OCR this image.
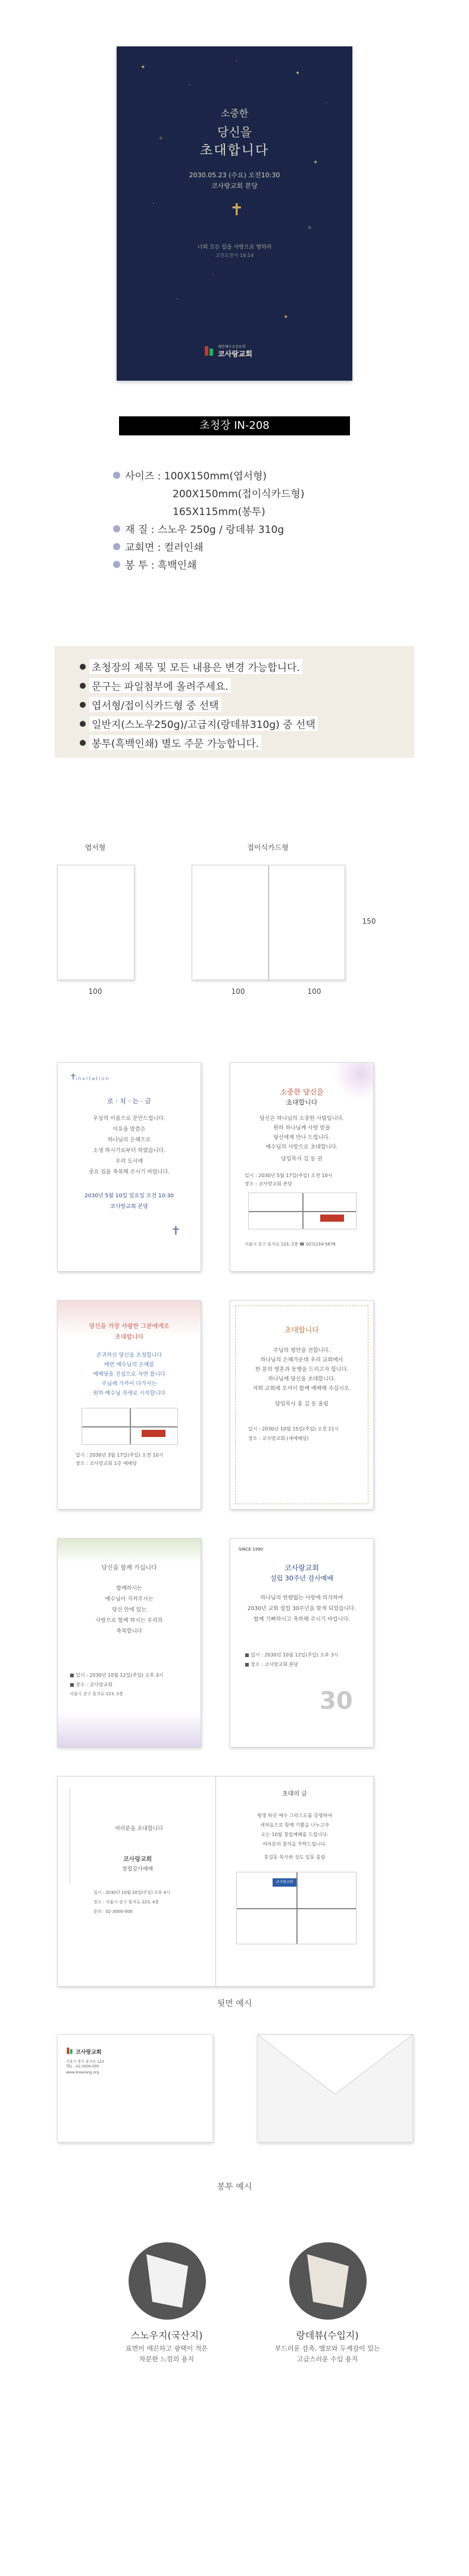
✦
·
✦
·
✧
✦
·
✧
·
✦
·
·
소중한
당신을
초대합니다
2030.05.23 (수요) 오전10:30
코사랑교회 본당
✝
너희 모든 일을 사랑으로 행하라
고린도전서 16:14
대한예수교장로회
코사랑교회
초청장 IN-208
사이즈 : 100X150mm(엽서형)
200X150mm(접이식카드형)
165X115mm(봉투)
재 질 : 스노우 250g / 랑데뷰 310g
교회면 : 컬러인쇄
봉 투 : 흑백인쇄
초청장의 제목 및 모든 내용은 변경 가능합니다.
문구는 파일첨부에 올려주세요.
엽서형/접이식카드형 중 선택
일반지(스노우250g)/고급지(랑데뷰310g) 중 선택
봉투(흑백인쇄) 별도 주문 가능합니다.
엽서형	접이식카드형
150
100	100	100
invitation
✝
로 · 치 · 는 · 글
우상의 이름으로 문안드립니다.
이유을 말씀은
하나님의 은혜으로
소생 하시기로부터 하였습니다.
우리 도시에
중요 집을 축복해 주시기 바랍니다.
2030년 5월 10일 일요일 오전 10:30
코사랑교회 본당
✝
소중한 당신을
초대합니다
당신은 하나님의 소중한 사람입니다.
원하 하나님께 사랑 받을
당신에게 만나 드립니다.
예수님의 사랑으로 초대합니다.
담임목사 김 동 권
일시 : 2030년 5월 17일(주일) 오전 10시
장소 : 코사랑교회 본당
서울시 중구 을지로 123, 2층 ☎ 02)1234-5678
당신을 가장 사랑한 그분에게로
초대합니다
존귀하신 당신을 초청합니다
매번 예수님의 은혜를
예배당을 진심으로 자연 봅니다
주님께 가까이 다가서는
원하 예수님 자세로 시작합니다
일시 : 2030년 3월 17일(주일) 오전 10시
장소 : 코사랑교회 1층 예배당
초대합니다
주님의 평안을 전합니다.
하나님의 은혜가운데 우리 교회에서
한 분의 영혼과 동행을 드리고자 합니다.
하나님께 당신을 초대합니다.
저희 교회에 오셔서 함께 예배해 주십시오.
담임목사 홍 길 동 올림
일시 : 2030년 10월 15일(주일) 오전 11시
장소 : 코사랑교회 (새예배당)
당신을 함께 가십니다
함께하시는
예수님이 지켜주시는
당신 안에 있는
사랑으로 함께 하시는 우리의
축복합니다
■ 일시 : 2030년 10월 12일(주일) 오후 3시
■ 장소 : 코사랑교회
서울시 중구 을지로 123, 2층
SINCE 1990
코사랑교회
설립 30주년 감사예배
하나님의 한량없는 사랑에 의지하여
2030년 교회 설립 30주년을 맞게 되었습니다.
함께 기뻐하시고 축하해 주시기 바랍니다.
■ 일시 : 2030년 10월 12일(주일) 오후 3시
■ 장소 : 코사랑교회 본당
30
여러분을 초대합니다
코사랑교회
창립감사예배
일시 : 2030년 10월 20일(주일) 오후 4시
장소 : 서울시 중구 을지로 123, 4층
문의 : 02-3000-000
초대의 글
평생 하신 예수 그리스도를 증명하여
새처음으로 함께 기쁨을 나누고자
오는 10월 창립예배를 드립니다.
여러분의 참석을 부탁드립니다.
홍길동 목사와 성도 일동 올림
코사랑교회
뒷면 예시
코사랑교회
서울시 중구 을지로 123
TEL : 02-3000-000
www.kosarang.org
봉투 예시
스노우지(국산지)	랑데뷰(수입지)
표면이 매끈하고 광택이 적은
차분한 느낌의 용지
부드러운 감촉, 엠보와 두께감이 있는
고급스러운 수입 용지
